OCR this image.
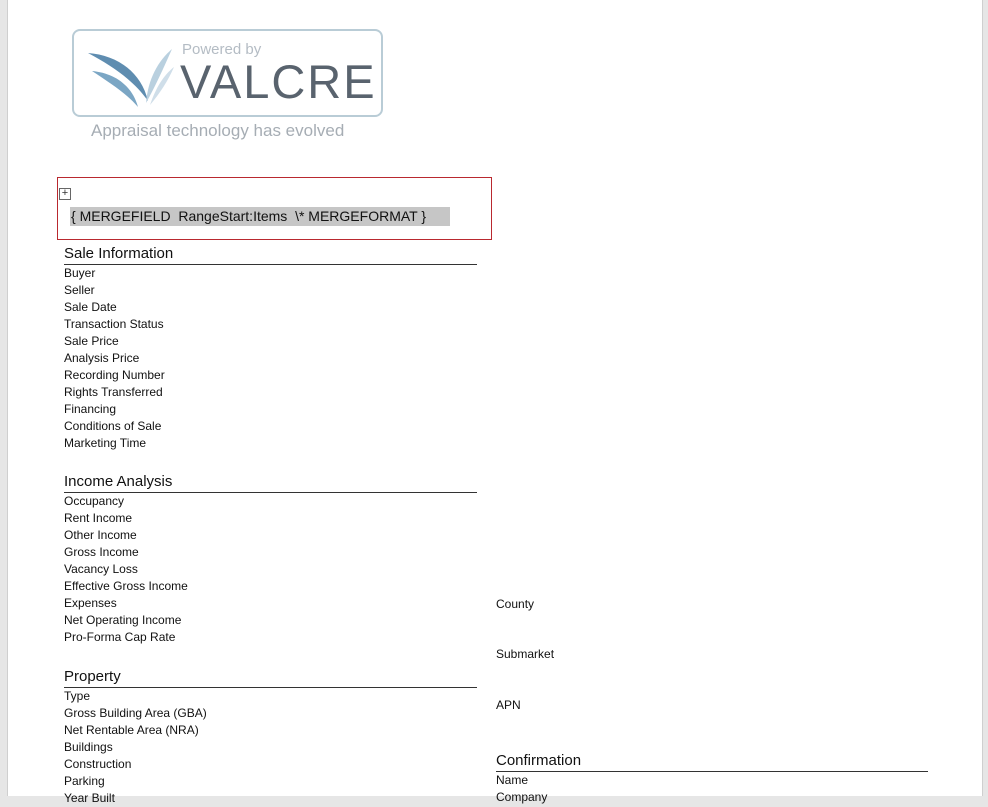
Powered by
VALCRE
Appraisal technology has evolved
+
{ MERGEFIELD  RangeStart:Items  \* MERGEFORMAT }
Sale Information
Buyer
Seller
Sale Date
Transaction Status
Sale Price
Analysis Price
Recording Number
Rights Transferred
Financing
Conditions of Sale
Marketing Time
Income Analysis
Occupancy
Rent Income
Other Income
Gross Income
Vacancy Loss
Effective Gross Income
Expenses
Net Operating Income
Pro-Forma Cap Rate
Property
Type
Gross Building Area (GBA)
Net Rentable Area (NRA)
Buildings
Construction
Parking
Year Built
County
Submarket
APN
Confirmation
Name
Company
